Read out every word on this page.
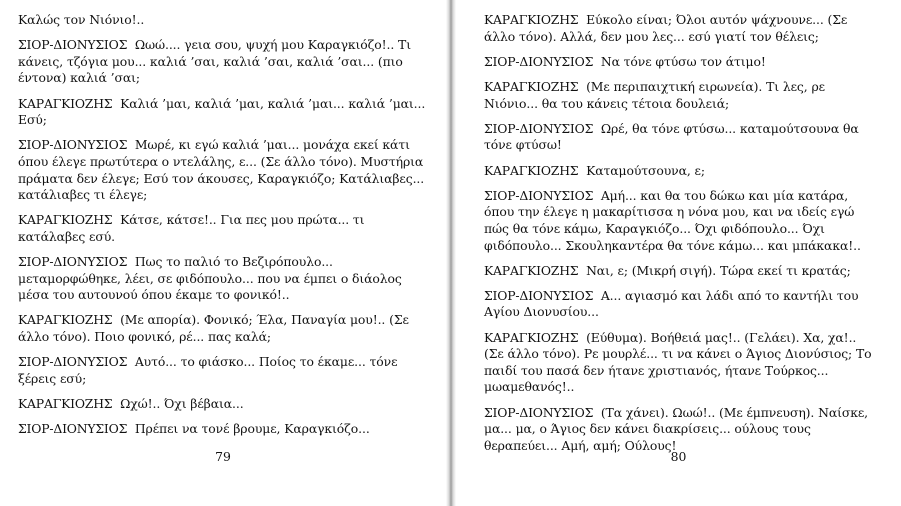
Καλώς τον Νιόνιο!..

ΣΙΟΡ-ΔΙΟΝΥΣΙΟΣ Ωωώ.... γεια σου, ψυχή μου Καραγκιόζο!.. Τι κάνεις, τζόγια μου... καλιά ’σαι, καλιά ’σαι, καλιά ’σαι... (πιο έντονα) καλιά ’σαι;

ΚΑΡΑΓΚΙΟΖΗΣ Καλιά ’μαι, καλιά ’μαι, καλιά ’μαι... καλιά ’μαι... Εσύ;

ΣΙΟΡ-ΔΙΟΝΥΣΙΟΣ Μωρέ, κι εγώ καλιά ’μαι... μονάχα εκεί κάτι όπου έλεγε πρωτύτερα ο ντελάλης, ε... (Σε άλλο τόνο). Μυστήρια πράματα δεν έλεγε; Εσύ τον άκουσες, Καραγκιόζο; Κατάλιαβες... κατάλιαβες τι έλεγε;

ΚΑΡΑΓΚΙΟΖΗΣ Κάτσε, κάτσε!.. Για πες μου πρώτα... τι κατάλαβες εσύ.

ΣΙΟΡ-ΔΙΟΝΥΣΙΟΣ Πως το παλιό το Βεζιρόπουλο... μεταμορφώθηκε, λέει, σε φιδόπουλο... που να έμπει ο διάολος μέσα του αυτουνού όπου έκαμε το φονικό!..

ΚΑΡΑΓΚΙΟΖΗΣ (Με απορία). Φονικό; Έλα, Παναγία μου!.. (Σε άλλο τόνο). Ποιο φονικό, ρέ... πας καλά;

ΣΙΟΡ-ΔΙΟΝΥΣΙΟΣ Αυτό... το φιάσκο... Ποίος το έκαμε... τόνε ξέρεις εσύ;

ΚΑΡΑΓΚΙΟΖΗΣ Ωχώ!.. Όχι βέβαια...

ΣΙΟΡ-ΔΙΟΝΥΣΙΟΣ Πρέπει να τονέ βρουμε, Καραγκιόζο...

79

ΚΑΡΑΓΚΙΟΖΗΣ Εύκολο είναι; Όλοι αυτόν ψάχνουνε... (Σε άλλο τόνο). Αλλά, δεν μου λες... εσύ γιατί τον θέλεις;

ΣΙΟΡ-ΔΙΟΝΥΣΙΟΣ Να τόνε φτύσω τον άτιμο!

ΚΑΡΑΓΚΙΟΖΗΣ (Με περιπαιχτική ειρωνεία). Τι λες, ρε Νιόνιο... θα του κάνεις τέτοια δουλειά;

ΣΙΟΡ-ΔΙΟΝΥΣΙΟΣ Ωρέ, θα τόνε φτύσω... καταμούτσουνα θα τόνε φτύσω!

ΚΑΡΑΓΚΙΟΖΗΣ Καταμούτσουνα, ε;

ΣΙΟΡ-ΔΙΟΝΥΣΙΟΣ Αμή... και θα του δώκω και μία κατάρα, όπου την έλεγε η μακαρίτισσα η νόνα μου, και να ιδείς εγώ πώς θα τόνε κάμω, Καραγκιόζο... Όχι φιδόπουλο... Όχι φιδόπουλο... Σκουληκαντέρα θα τόνε κάμω... και μπάκακα!..

ΚΑΡΑΓΚΙΟΖΗΣ Ναι, ε; (Μικρή σιγή). Τώρα εκεί τι κρατάς;

ΣΙΟΡ-ΔΙΟΝΥΣΙΟΣ Α... αγιασμό και λάδι από το καντήλι του Αγίου Διονυσίου...

ΚΑΡΑΓΚΙΟΖΗΣ (Εύθυμα). Βοήθειά μας!.. (Γελάει). Χα, χα!.. (Σε άλλο τόνο). Ρε μουρλέ... τι να κάνει ο Άγιος Διονύσιος; Το παιδί του πασά δεν ήτανε χριστιανός, ήτανε Τούρκος... μωαμεθανός!..

ΣΙΟΡ-ΔΙΟΝΥΣΙΟΣ (Τα χάνει). Ωωώ!.. (Με έμπνευση). Ναίσκε, μα... μα, ο Άγιος δεν κάνει διακρίσεις... ούλους τους θεραπεύει... Αμή, αμή; Ούλους!

80
